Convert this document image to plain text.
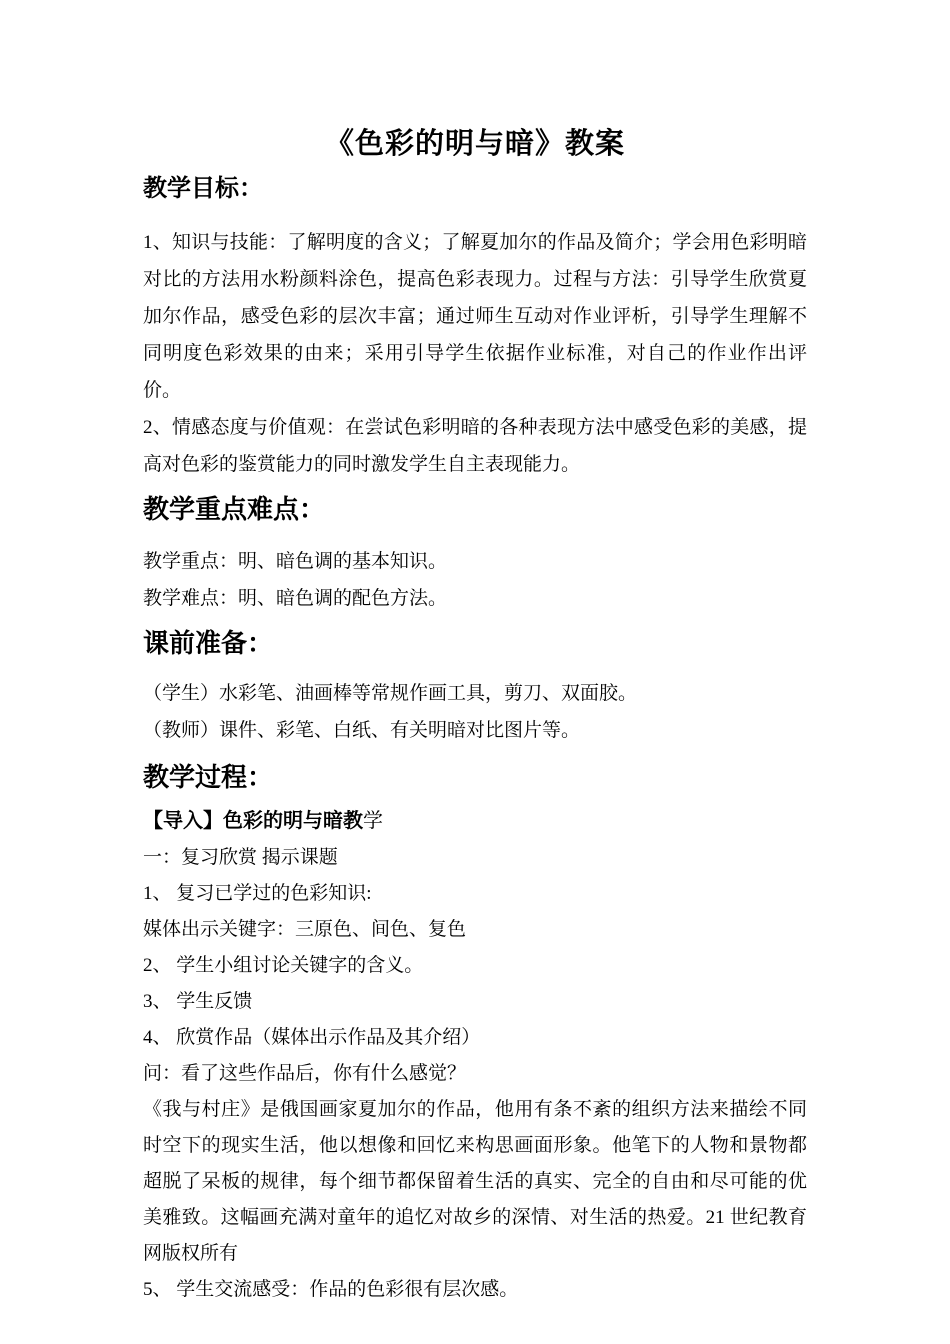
《色彩的明与暗》教案
教学目标：
1、知识与技能：了解明度的含义；了解夏加尔的作品及简介；学会用色彩明暗对比的方法用水粉颜料涂色，提高色彩表现力。过程与方法：引导学生欣赏夏加尔作品，感受色彩的层次丰富；通过师生互动对作业评析，引导学生理解不同明度色彩效果的由来；采用引导学生依据作业标准，对自己的作业作出评价。
2、情感态度与价值观：在尝试色彩明暗的各种表现方法中感受色彩的美感，提高对色彩的鉴赏能力的同时激发学生自主表现能力。
教学重点难点：
教学重点：明、暗色调的基本知识。
教学难点：明、暗色调的配色方法。
课前准备：
（学生）水彩笔、油画棒等常规作画工具，剪刀、双面胶。
（教师）课件、彩笔、白纸、有关明暗对比图片等。
教学过程：
【导入】色彩的明与暗教学
一：复习欣赏 揭示课题
1、 复习已学过的色彩知识:
媒体出示关键字：三原色、间色、复色
2、 学生小组讨论关键字的含义。
3、 学生反馈
4、 欣赏作品（媒体出示作品及其介绍）
问：看了这些作品后，你有什么感觉？
《我与村庄》是俄国画家夏加尔的作品，他用有条不紊的组织方法来描绘不同时空下的现实生活，他以想像和回忆来构思画面形象。他笔下的人物和景物都超脱了呆板的规律，每个细节都保留着生活的真实、完全的自由和尽可能的优美雅致。这幅画充满对童年的追忆对故乡的深情、对生活的热爱。21 世纪教育网版权所有
5、 学生交流感受：作品的色彩很有层次感。
